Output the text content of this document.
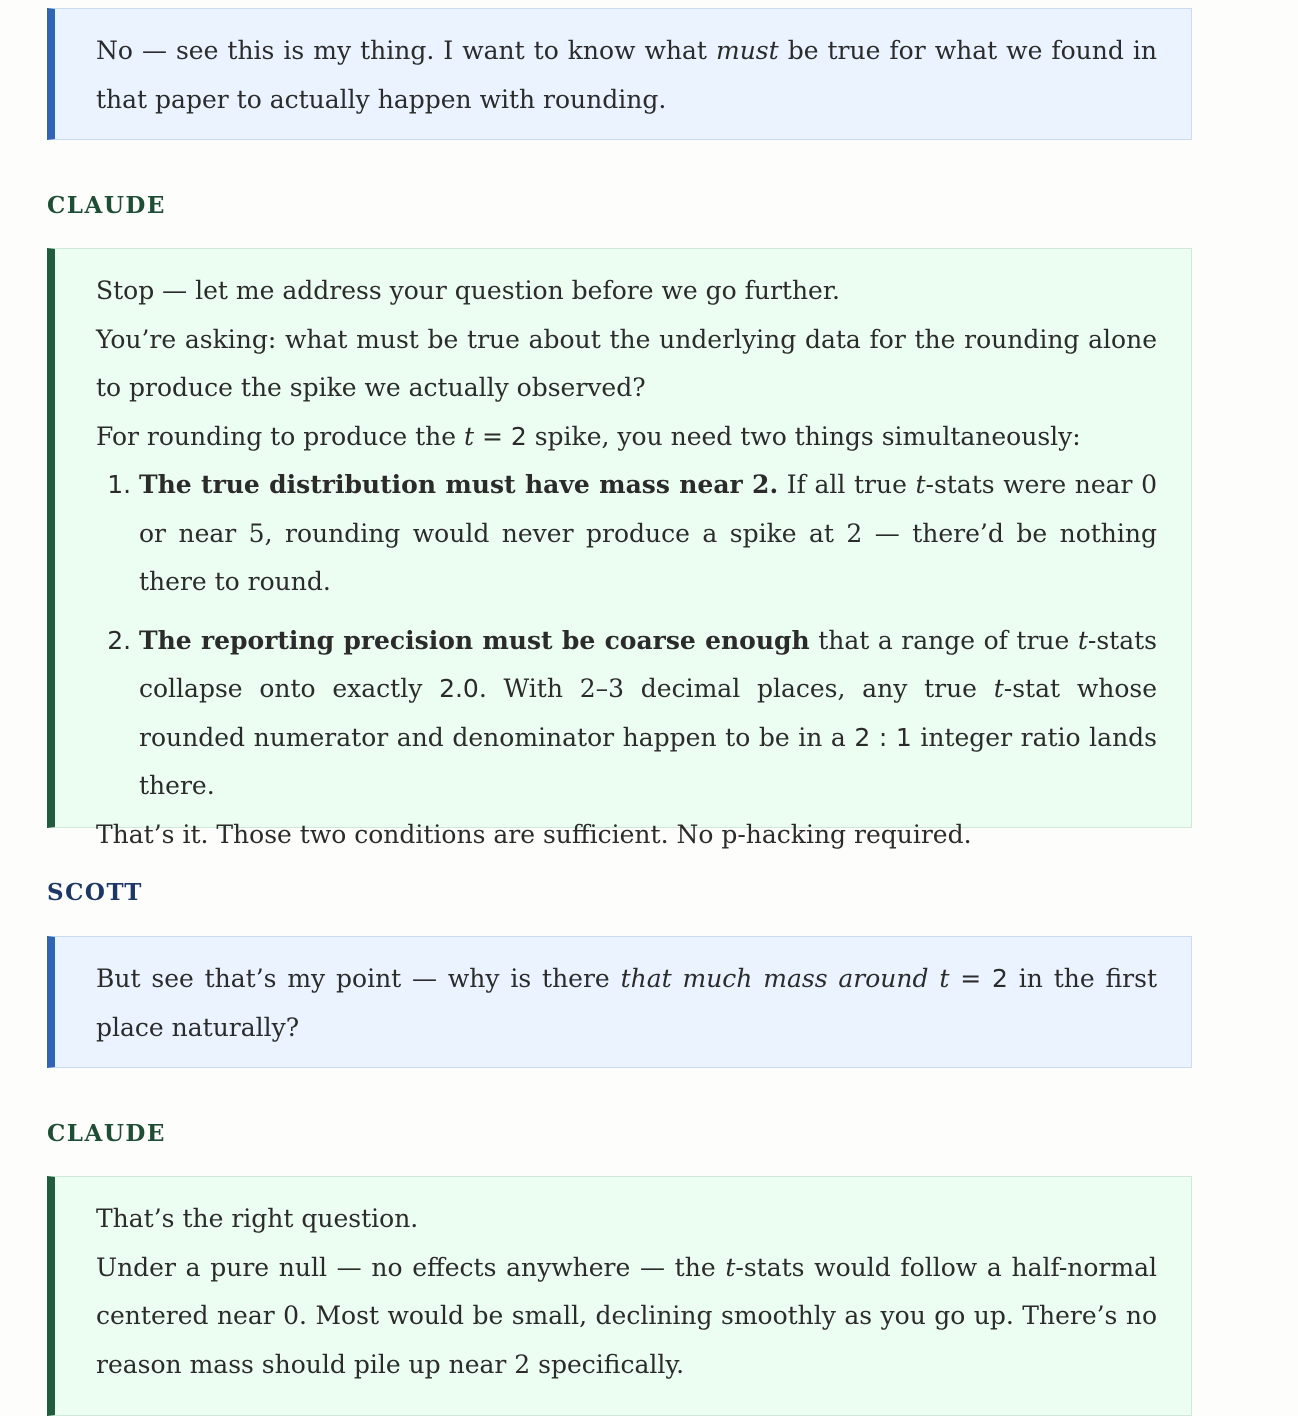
No — see this is my thing. I want to know what must be true for what we found in that paper to actually happen with rounding.

CLAUDE

Stop — let me address your question before we go further.

You’re asking: what must be true about the underlying data for the rounding alone to produce the spike we actually observed?

For rounding to produce the t = 2 spike, you need two things simultaneously:

1. The true distribution must have mass near 2. If all true t-stats were near 0 or near 5, rounding would never produce a spike at 2 — there’d be nothing there to round.
2. The reporting precision must be coarse enough that a range of true t-stats collapse onto exactly 2.0. With 2–3 decimal places, any true t-stat whose rounded numerator and denominator happen to be in a 2 : 1 integer ratio lands there.

That’s it. Those two conditions are sufficient. No p-hacking required.

SCOTT

But see that’s my point — why is there that much mass around t = 2 in the first place naturally?

CLAUDE

That’s the right question.

Under a pure null — no effects anywhere — the t-stats would follow a half-normal centered near 0. Most would be small, declining smoothly as you go up. There’s no reason mass should pile up near 2 specifically.
